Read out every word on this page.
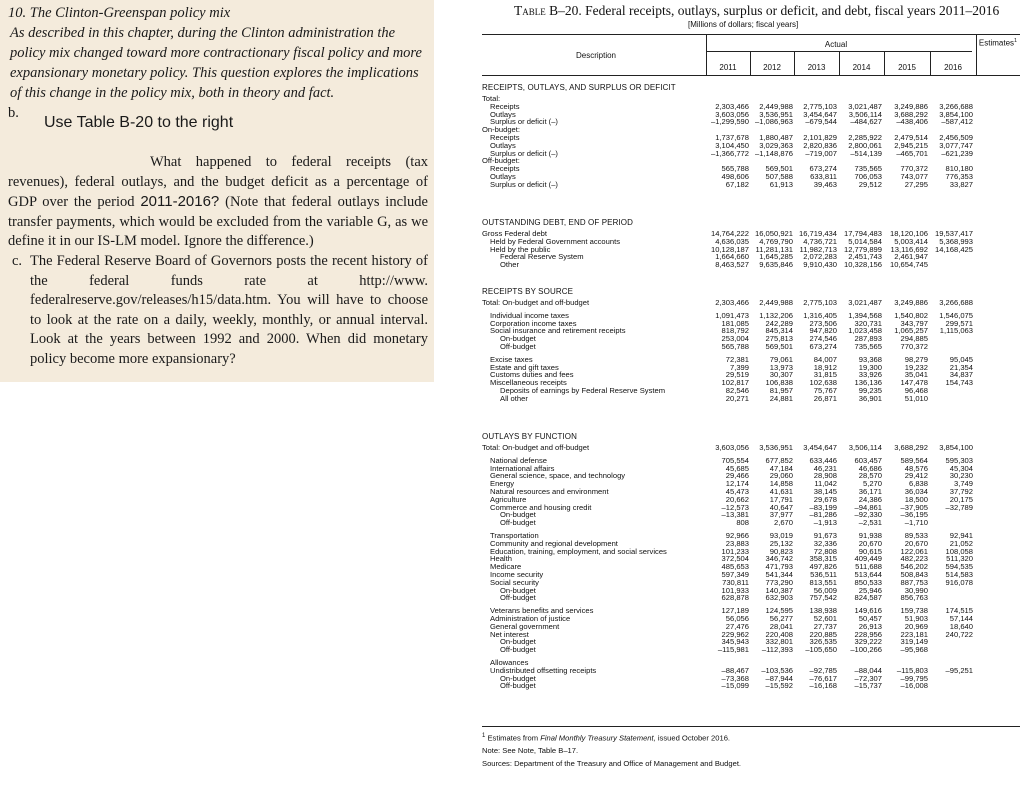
10. The Clinton-Greenspan policy mix
As described in this chapter, during the Clinton administration the policy mix changed toward more contractionary fiscal policy and more expansionary monetary policy. This question explores the implications of this change in the policy mix, both in theory and fact.
b.
Use Table B-20 to the right
What happened to federal receipts (tax revenues), federal outlays, and the budget deficit as a percentage of GDP over the period 2011-2016? (Note that federal outlays include transfer payments, which would be excluded from the variable G, as we define it in our IS-LM model. Ignore the difference.)
c. The Federal Reserve Board of Governors posts the recent history of the federal funds rate at http://www. federalreserve.gov/releases/h15/data.htm. You will have to choose to look at the rate on a daily, weekly, monthly, or annual interval. Look at the years between 1992 and 2000. When did monetary policy become more expansionary?
Table B–20. Federal receipts, outlays, surplus or deficit, and debt, fiscal years 2011–2016
[Millions of dollars; fiscal years]
Description
Actual	Estimates$^1$
2011	2012	2013	2014	2015	2016
RECEIPTS, OUTLAYS, AND SURPLUS OR DEFICIT
Total:
Receipts	2,303,466	2,449,988	2,775,103	3,021,487	3,249,886	3,266,688
Outlays	3,603,056	3,536,951	3,454,647	3,506,114	3,688,292	3,854,100
Surplus or deficit (–)	–1,299,590 –1,086,963	–679,544	–484,627	–438,406	–587,412
On-budget:
Receipts	1,737,678	1,880,487	2,101,829	2,285,922	2,479,514	2,456,509
Outlays	3,104,450	3,029,363	2,820,836	2,800,061	2,945,215	3,077,747
Surplus or deficit (–)	–1,366,772 –1,148,876	–719,007	–514,139	–465,701	–621,239
Off-budget:
Receipts	565,788	569,501	673,274	735,565	770,372	810,180
Outlays	498,606	507,588	633,811	706,053	743,077	776,353
Surplus or deficit (–)	67,182	61,913	39,463	29,512	27,295	33,827
OUTSTANDING DEBT, END OF PERIOD
Gross Federal debt	14,764,222 16,050,921 16,719,434 17,794,483	18,120,106 19,537,417
Held by Federal Government accounts	4,636,035	4,769,790	4,736,721	5,014,584	5,003,414	5,368,993
Held by the public	10,128,187 11,281,131 11,982,713 12,779,899	13,116,692 14,168,425
Federal Reserve System	1,664,660	1,645,285	2,072,283	2,451,743	2,461,947
Other	8,463,527	9,635,846	9,910,430 10,328,156	10,654,745
RECEIPTS BY SOURCE
Total: On-budget and off-budget	2,303,466	2,449,988	2,775,103	3,021,487	3,249,886	3,266,688
Individual income taxes	1,091,473	1,132,206	1,316,405	1,394,568	1,540,802	1,546,075
Corporation income taxes	181,085	242,289	273,506	320,731	343,797	299,571
Social insurance and retirement receipts	818,792	845,314	947,820	1,023,458	1,065,257	1,115,063
On-budget	253,004	275,813	274,546	287,893	294,885
Off-budget	565,788	569,501	673,274	735,565	770,372
Excise taxes	72,381	79,061	84,007	93,368	98,279	95,045
Estate and gift taxes	7,399	13,973	18,912	19,300	19,232	21,354
Customs duties and fees	29,519	30,307	31,815	33,926	35,041	34,837
Miscellaneous receipts	102,817	106,838	102,638	136,136	147,478	154,743
Deposits of earnings by Federal Reserve System	82,546	81,957	75,767	99,235	96,468
All other	20,271	24,881	26,871	36,901	51,010
OUTLAYS BY FUNCTION
Total: On-budget and off-budget	3,603,056	3,536,951	3,454,647	3,506,114	3,688,292	3,854,100
National defense	705,554	677,852	633,446	603,457	589,564	595,303
International affairs	45,685	47,184	46,231	46,686	48,576	45,304
General science, space, and technology	29,466	29,060	28,908	28,570	29,412	30,230
Energy	12,174	14,858	11,042	5,270	6,838	3,749
Natural resources and environment	45,473	41,631	38,145	36,171	36,034	37,792
Agriculture	20,662	17,791	29,678	24,386	18,500	20,175
Commerce and housing credit	–12,573	40,647	–83,199	–94,861	–37,905	–32,789
On-budget	–13,381	37,977	–81,286	–92,330	–36,195
Off-budget	808	2,670	–1,913	–2,531	–1,710
Transportation	92,966	93,019	91,673	91,938	89,533	92,941
Community and regional development	23,883	25,132	32,336	20,670	20,670	21,052
Education, training, employment, and social services	101,233	90,823	72,808	90,615	122,061	108,058
Health	372,504	346,742	358,315	409,449	482,223	511,320
Medicare	485,653	471,793	497,826	511,688	546,202	594,535
Income security	597,349	541,344	536,511	513,644	508,843	514,583
Social security	730,811	773,290	813,551	850,533	887,753	916,078
On-budget	101,933	140,387	56,009	25,946	30,990
Off-budget	628,878	632,903	757,542	824,587	856,763
Veterans benefits and services	127,189	124,595	138,938	149,616	159,738	174,515
Administration of justice	56,056	56,277	52,601	50,457	51,903	57,144
General government	27,476	28,041	27,737	26,913	20,969	18,640
Net interest	229,962	220,408	220,885	228,956	223,181	240,722
On-budget	345,943	332,801	326,535	329,222	319,149
Off-budget	–115,981	–112,393	–105,650	–100,266	–95,968
Allowances
Undistributed offsetting receipts	–88,467	–103,536	–92,785	–88,044	–115,803	–95,251
On-budget	–73,368	–87,944	–76,617	–72,307	–99,795
Off-budget	–15,099	–15,592	–16,168	–15,737	–16,008
$^1$ Estimates from Final Monthly Treasury Statement, issued October 2016.
Note: See Note, Table B–17.
Sources: Department of the Treasury and Office of Management and Budget.
